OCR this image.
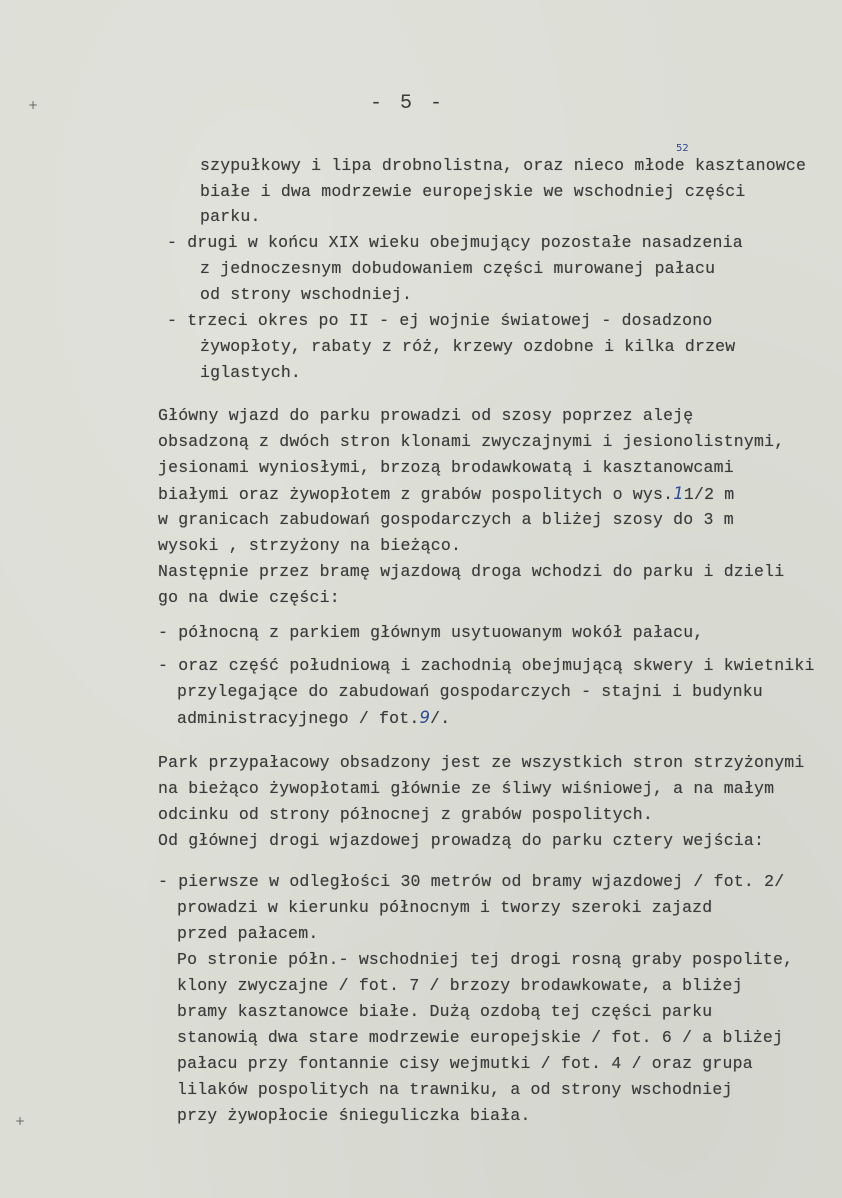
+
+
- 5 -
52
szypułkowy i lipa drobnolistna, oraz nieco młode kasztanowce
białe i dwa modrzewie europejskie we wschodniej części
parku.
- drugi w końcu XIX wieku obejmujący pozostałe nasadzenia
z jednoczesnym dobudowaniem części murowanej pałacu
od strony wschodniej.
- trzeci okres po II - ej wojnie światowej - dosadzono
żywopłoty, rabaty z róż, krzewy ozdobne i kilka drzew
iglastych.
Główny wjazd do parku prowadzi od szosy poprzez aleję
obsadzoną z dwóch stron klonami zwyczajnymi i jesionolistnymi,
jesionami wyniosłymi, brzozą brodawkowatą i kasztanowcami
białymi oraz żywopłotem z grabów pospolitych o wys.11/2 m
w granicach zabudowań gospodarczych a bliżej szosy do 3 m
wysoki , strzyżony na bieżąco.
Następnie przez bramę wjazdową droga wchodzi do parku i dzieli
go na dwie części:
- północną z parkiem głównym usytuowanym wokół pałacu,
- oraz część południową i zachodnią obejmującą skwery i kwietniki
przylegające do zabudowań gospodarczych - stajni i budynku
administracyjnego / fot.9/.
Park przypałacowy obsadzony jest ze wszystkich stron strzyżonymi
na bieżąco żywopłotami głównie ze śliwy wiśniowej, a na małym
odcinku od strony północnej z grabów pospolitych.
Od głównej drogi wjazdowej prowadzą do parku cztery wejścia:
- pierwsze w odległości 30 metrów od bramy wjazdowej / fot. 2/
prowadzi w kierunku północnym i tworzy szeroki zajazd
przed pałacem.
Po stronie półn.- wschodniej tej drogi rosną graby pospolite,
klony zwyczajne / fot. 7 / brzozy brodawkowate, a bliżej
bramy kasztanowce białe. Dużą ozdobą tej części parku
stanowią dwa stare modrzewie europejskie / fot. 6 / a bliżej
pałacu przy fontannie cisy wejmutki / fot. 4 / oraz grupa
lilaków pospolitych na trawniku, a od strony wschodniej
przy żywopłocie śnieguliczka biała.
